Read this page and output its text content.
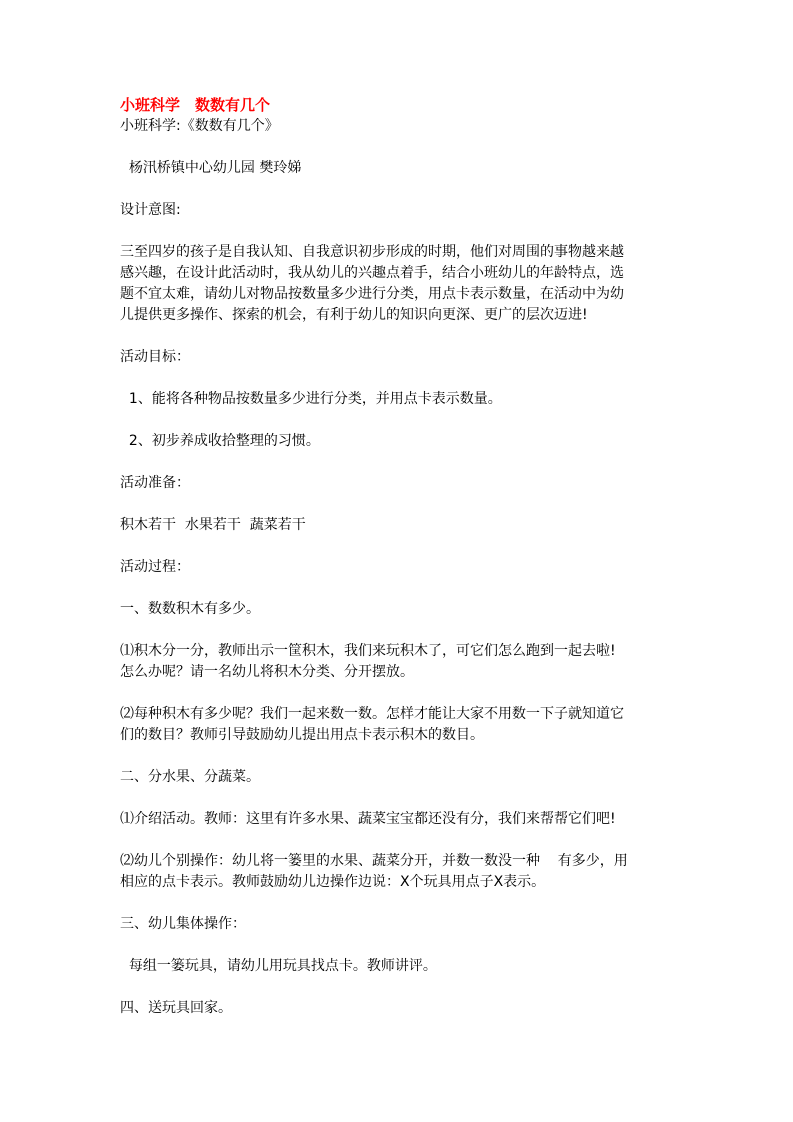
小班科学　数数有几个
小班科学:《数数有几个》
杨汛桥镇中心幼儿园 樊玲娣
设计意图:
三至四岁的孩子是自我认知、自我意识初步形成的时期，他们对周围的事物越来越
感兴趣，在设计此活动时，我从幼儿的兴趣点着手，结合小班幼儿的年龄特点，选
题不宜太难，请幼儿对物品按数量多少进行分类，用点卡表示数量，在活动中为幼
儿提供更多操作、探索的机会，有利于幼儿的知识向更深、更广的层次迈进!
活动目标：
1、能将各种物品按数量多少进行分类，并用点卡表示数量。
2、初步养成收拾整理的习惯。
活动准备：
积木若干  水果若干  蔬菜若干
活动过程：
一、数数积木有多少。
⑴积木分一分，教师出示一筐积木，我们来玩积木了，可它们怎么跑到一起去啦!
怎么办呢？请一名幼儿将积木分类、分开摆放。
⑵每种积木有多少呢？我们一起来数一数。怎样才能让大家不用数一下子就知道它
们的数目？教师引导鼓励幼儿提出用点卡表示积木的数目。
二、分水果、分蔬菜。
⑴介绍活动。教师：这里有许多水果、蔬菜宝宝都还没有分，我们来帮帮它们吧!
⑵幼儿个别操作：幼儿将一篓里的水果、蔬菜分开，并数一数没一种    有多少，用
相应的点卡表示。教师鼓励幼儿边操作边说：X个玩具用点子X表示。
三、幼儿集体操作：
每组一篓玩具，请幼儿用玩具找点卡。教师讲评。
四、送玩具回家。
